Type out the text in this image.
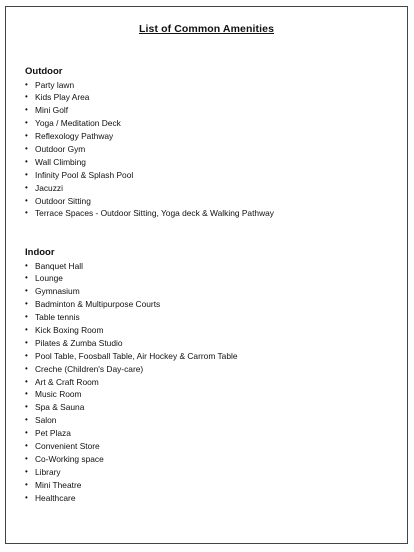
List of Common Amenities
Outdoor
• Party lawn
• Kids Play Area
• Mini Golf
• Yoga / Meditation Deck
• Reflexology Pathway
• Outdoor Gym
• Wall Climbing
• Infinity Pool & Splash Pool
• Jacuzzi
• Outdoor Sitting
• Terrace Spaces - Outdoor Sitting, Yoga deck & Walking Pathway
Indoor
• Banquet Hall
• Lounge
• Gymnasium
• Badminton & Multipurpose Courts
• Table tennis
• Kick Boxing Room
• Pilates & Zumba Studio
• Pool Table, Foosball Table, Air Hockey & Carrom Table
• Creche (Children's Day-care)
• Art & Craft Room
• Music Room
• Spa & Sauna
• Salon
• Pet Plaza
• Convenient Store
• Co-Working space
• Library
• Mini Theatre
• Healthcare
